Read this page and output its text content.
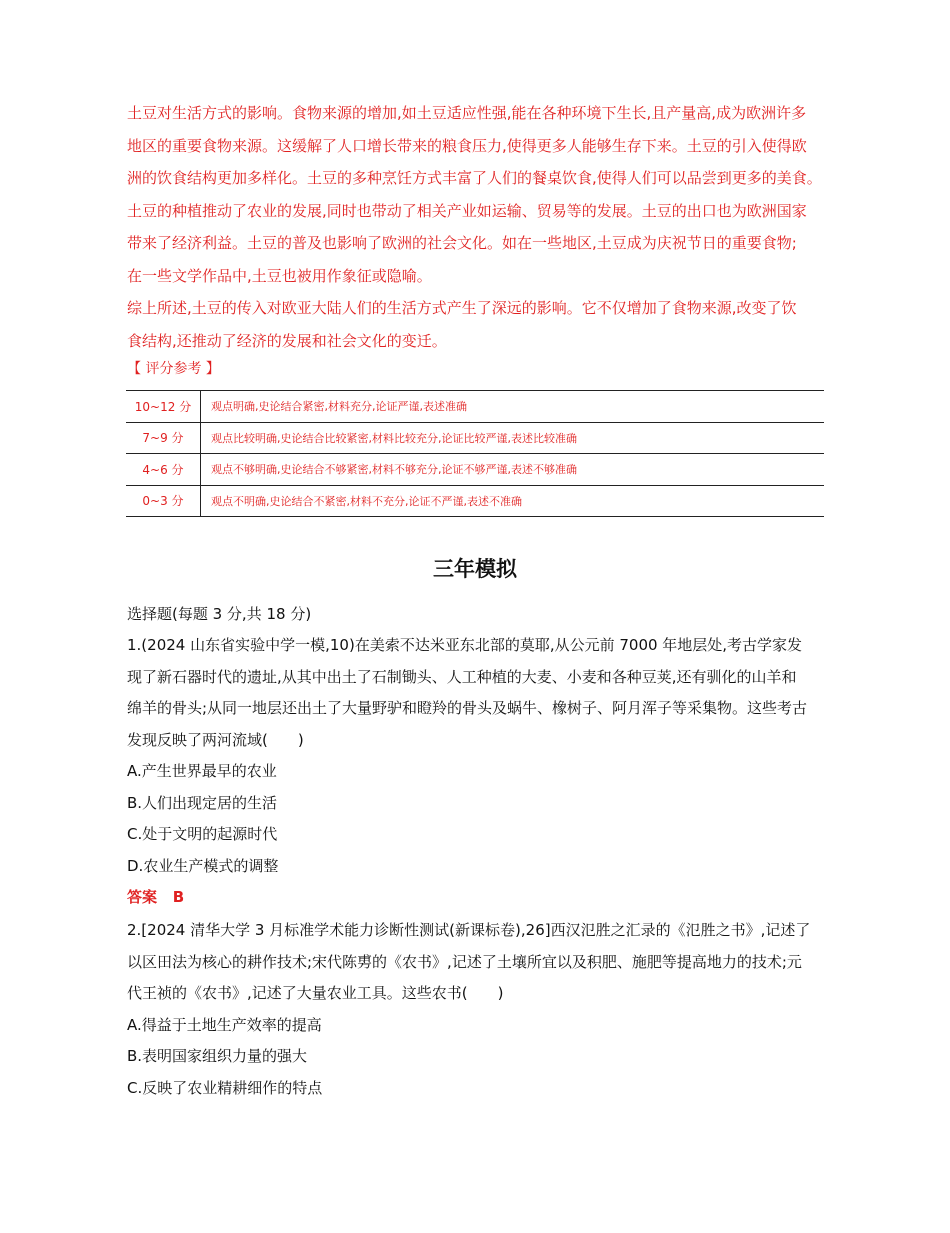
土豆对生活方式的影响。食物来源的增加,如土豆适应性强,能在各种环境下生长,且产量高,成为欧洲许多
地区的重要食物来源。这缓解了人口增长带来的粮食压力,使得更多人能够生存下来。土豆的引入使得欧
洲的饮食结构更加多样化。土豆的多种烹饪方式丰富了人们的餐桌饮食,使得人们可以品尝到更多的美食。
土豆的种植推动了农业的发展,同时也带动了相关产业如运输、贸易等的发展。土豆的出口也为欧洲国家
带来了经济利益。土豆的普及也影响了欧洲的社会文化。如在一些地区,土豆成为庆祝节日的重要食物;
在一些文学作品中,土豆也被用作象征或隐喻。
综上所述,土豆的传入对欧亚大陆人们的生活方式产生了深远的影响。它不仅增加了食物来源,改变了饮
食结构,还推动了经济的发展和社会文化的变迁。
【 评分参考 】
10~12 分	观点明确,史论结合紧密,材料充分,论证严谨,表述准确
7~9 分	观点比较明确,史论结合比较紧密,材料比较充分,论证比较严谨,表述比较准确
4~6 分	观点不够明确,史论结合不够紧密,材料不够充分,论证不够严谨,表述不够准确
0~3 分	观点不明确,史论结合不紧密,材料不充分,论证不严谨,表述不准确
三年模拟
选择题(每题 3 分,共 18 分)
1.(2024 山东省实验中学一模,10)在美索不达米亚东北部的莫耶,从公元前 7000 年地层处,考古学家发
现了新石器时代的遗址,从其中出土了石制锄头、人工种植的大麦、小麦和各种豆荚,还有驯化的山羊和
绵羊的骨头;从同一地层还出土了大量野驴和瞪羚的骨头及蜗牛、橡树子、阿月浑子等采集物。这些考古
发现反映了两河流域(　　)
A.产生世界最早的农业
B.人们出现定居的生活
C.处于文明的起源时代
D.农业生产模式的调整
答案 B
2.[2024 清华大学 3 月标准学术能力诊断性测试(新课标卷),26]西汉氾胜之汇录的《氾胜之书》,记述了
以区田法为核心的耕作技术;宋代陈旉的《农书》,记述了土壤所宜以及积肥、施肥等提高地力的技术;元
代王祯的《农书》,记述了大量农业工具。这些农书(　　)
A.得益于土地生产效率的提高
B.表明国家组织力量的强大
C.反映了农业精耕细作的特点
